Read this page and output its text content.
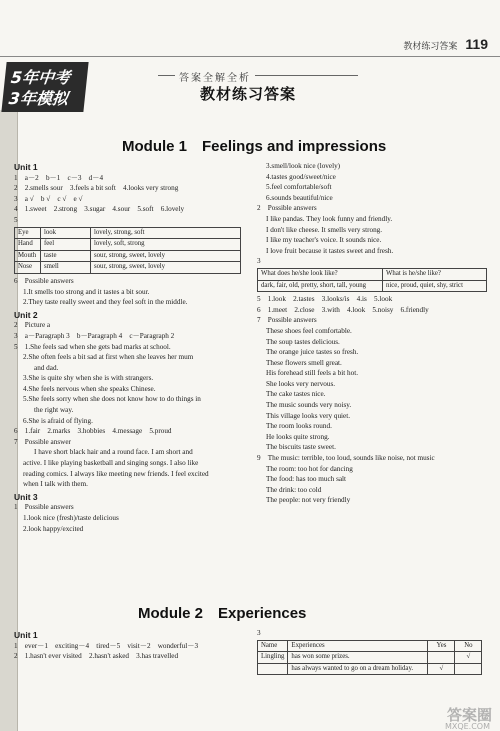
教材练习答案 119
5年中考
3年模拟
答案全解全析
教材练习答案
Module 1　Feelings and impressions
Unit 1
1　a－2　b－1　c－3　d－4
2　2.smells sour　3.feels a bit soft　4.looks very strong
3　a √　b √　c √　e √
4　1.sweet　2.strong　3.sugar　4.sour　5.soft　6.lovely
5
Eye	look	lovely, strong, soft
Hand	feel	lovely, soft, strong
Mouth	taste	sour, strong, sweet, lovely
Nose	smell	sour, strong, sweet, lovely
6　Possible answers
1.It smells too strong and it tastes a bit sour.
2.They taste really sweet and they feel soft in the middle.
Unit 2
2　Picture a
3　a－Paragraph 3　b－Paragraph 4　c－Paragraph 2
5　1.She feels sad when she gets bad marks at school.
2.She often feels a bit sad at first when she leaves her mum
and dad.
3.She is quite shy when she is with strangers.
4.She feels nervous when she speaks Chinese.
5.She feels sorry when she does not know how to do things in
the right way.
6.She is afraid of flying.
6　1.fair　2.marks　3.hobbies　4.message　5.proud
7　Possible answer
I have short black hair and a round face. I am short and
active. I like playing basketball and singing songs. I also like
reading comics. I always like meeting new friends. I feel excited
when I talk with them.
Unit 3
1　Possible answers
1.look nice (fresh)/taste delicious
2.look happy/excited
3.smell/look nice (lovely)
4.tastes good/sweet/nice
5.feel comfortable/soft
6.sounds beautiful/nice
2　Possible answers
I like pandas. They look funny and friendly.
I don't like cheese. It smells very strong.
I like my teacher's voice. It sounds nice.
I love fruit because it tastes sweet and fresh.
3
What does he/she look like?	What is he/she like?
dark, fair, old, pretty, short, tall, young	nice, proud, quiet, shy, strict
5　1.look　2.tastes　3.looks/is　4.is　5.look
6　1.meet　2.close　3.with　4.look　5.noisy　6.friendly
7　Possible answers
These shoes feel comfortable.
The soup tastes delicious.
The orange juice tastes so fresh.
These flowers smell great.
His forehead still feels a bit hot.
She looks very nervous.
The cake tastes nice.
The music sounds very noisy.
This village looks very quiet.
The room looks round.
He looks quite strong.
The biscuits taste sweet.
9　The music: terrible, too loud, sounds like noise, not music
The room: too hot for dancing
The food: has too much salt
The drink: too cold
The people: not very friendly
Module 2　Experiences
Unit 1
1　ever－1　exciting－4　tired－5　visit－2　wonderful－3
2　1.hasn't ever visited　2.hasn't asked　3.has travelled
3
Name	Experiences	Yes	No
Lingling	has won some prizes.		√
	has always wanted to go on a dream holiday.	√	
答案圈
MXQE.COM
